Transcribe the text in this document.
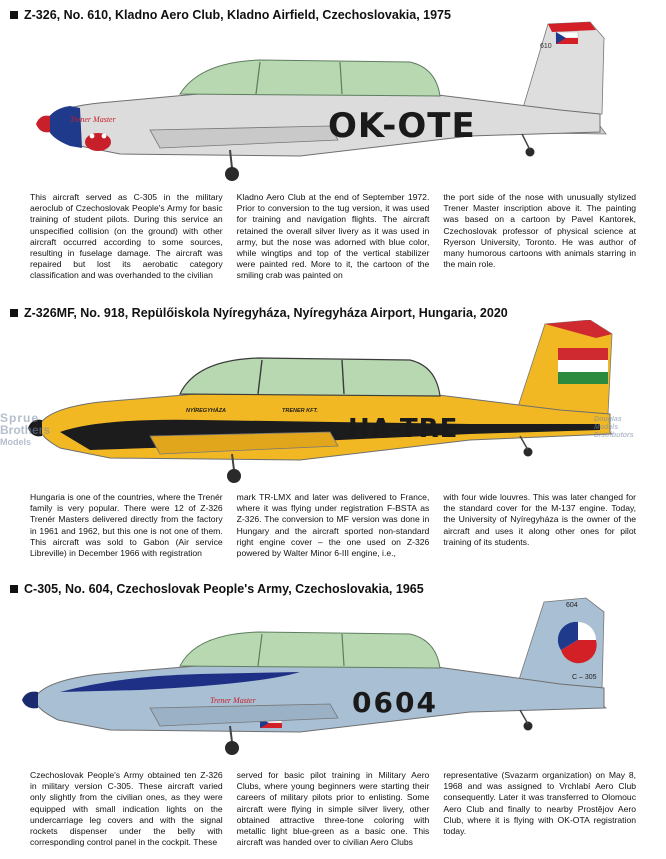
Z-326, No. 610, Kladno Aero Club, Kladno Airfield, Czechoslovakia, 1975
Trener Master
610
OK-OTE
This aircraft served as C-305 in the military aeroclub of Czechoslovak People's Army for basic training of student pilots. During this service an unspecified collision (on the ground) with other aircraft occurred according to some sources, resulting in fuselage damage. The aircraft was repaired but lost its aerobatic category classification and was overhanded to the civilian
Kladno Aero Club at the end of September 1972. Prior to conversion to the tug version, it was used for training and navigation flights. The aircraft retained the overall silver livery as it was used in army, but the nose was adorned with blue color, while wingtips and top of the vertical stabilizer were painted red. More to it, the cartoon of the smiling crab was painted on
the port side of the nose with unusually stylized Trener Master inscription above it. The painting was based on a cartoon by Pavel Kantorek, Czechoslovak professor of physical science at Ryerson University, Toronto. He was author of many humorous cartoons with animals starring in the main role.
Z-326MF, No. 918, Repülőiskola Nyíregyháza, Nyíregyháza Airport, Hungaria, 2020
NYÍREGYHÁZA	TRENER KFT.
HA-TRE
Hungaria is one of the countries, where the Trenér family is very popular. There were 12 of Z-326 Trenér Masters delivered directly from the factory in 1961 and 1962, but this one is not one of them. This aircraft was sold to Gabon (Air service Libreville) in December 1966 with registration
mark TR-LMX and later was delivered to France, where it was flying under registration F-BSTA as Z-326. The conversion to MF version was done in Hungary and the aircraft sported non-standard right engine cover – the one used on Z-326 powered by Walter Minor 6-III engine, i.e.,
with four wide louvres. This was later changed for the standard cover for the M-137 engine. Today, the University of Nyíregyháza is the owner of the aircraft and uses it along other ones for pilot training of its students.
Sprue
Brothers
Models
Douglas
Models
Distributors
C-305, No. 604, Czechoslovak People's Army, Czechoslovakia, 1965
604
C – 305
Trener Master	0604
Czechoslovak People's Army obtained ten Z-326 in military version C-305. These aircraft varied only slightly from the civilian ones, as they were equipped with small indication lights on the undercarriage leg covers and with the signal rockets dispenser under the belly with corresponding control panel in the cockpit. These
served for basic pilot training in Military Aero Clubs, where young beginners were starting their careers of military pilots prior to enlisting. Some aircraft were flying in simple silver livery, other obtained attractive three-tone coloring with metallic light blue-green as a basic one. This aircraft was handed over to civilian Aero Clubs
representative (Svazarm organization) on May 8, 1968 and was assigned to Vrchlabí Aero Club consequently. Later it was transferred to Olomouc Aero Club and finally to nearby Prostějov Aero Club, where it is flying with OK-OTA registration today.
